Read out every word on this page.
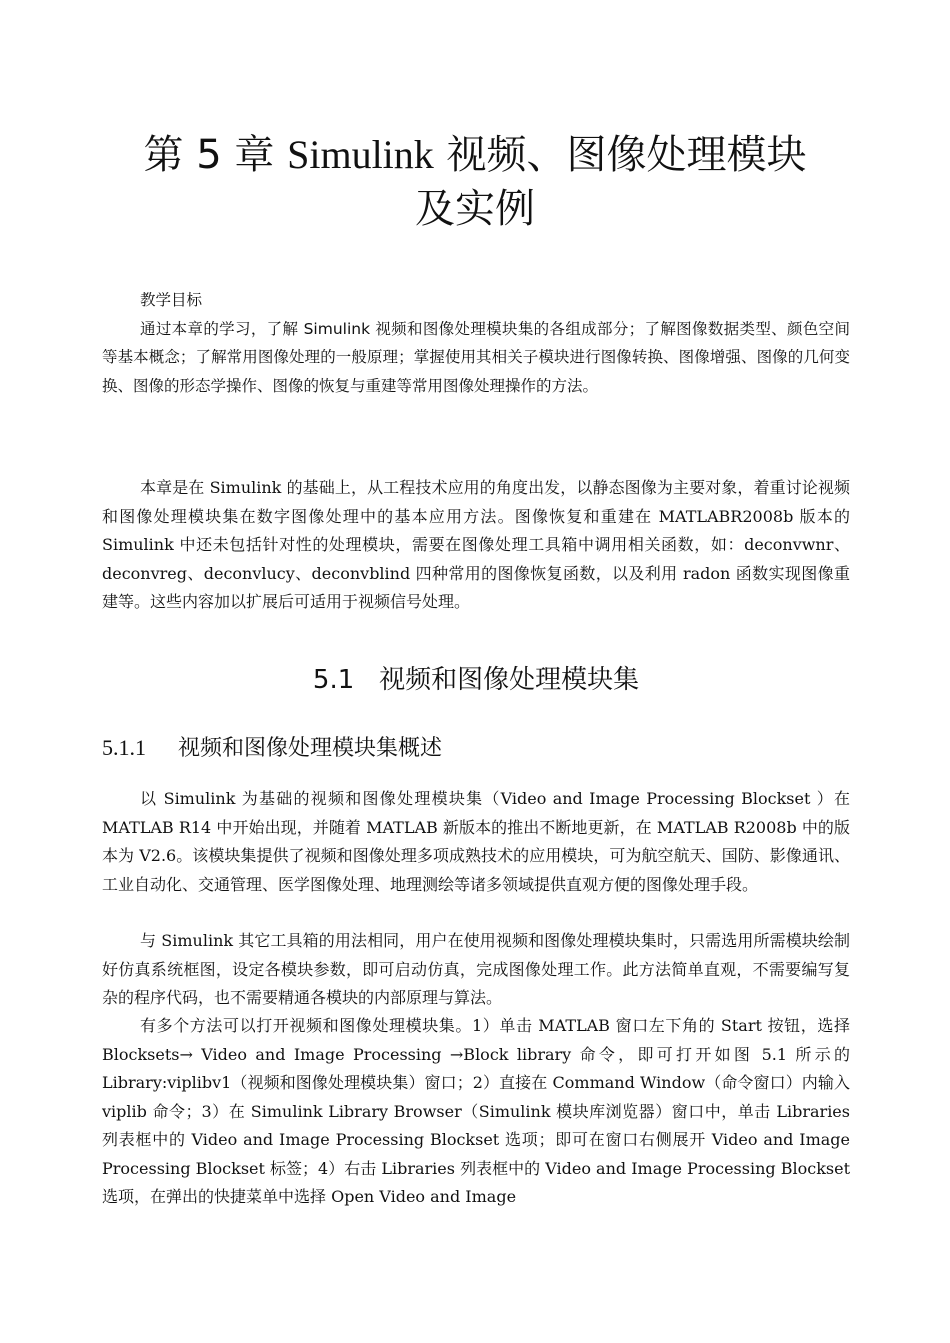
第 5 章 Simulink 视频、图像处理模块
及实例

教学目标

通过本章的学习，了解 Simulink 视频和图像处理模块集的各组成部分；了解图像数据类型、颜色空间等基本概念；了解常用图像处理的一般原理；掌握使用其相关子模块进行图像转换、图像增强、图像的几何变换、图像的形态学操作、图像的恢复与重建等常用图像处理操作的方法。

本章是在 Simulink 的基础上，从工程技术应用的角度出发，以静态图像为主要对象，着重讨论视频和图像处理模块集在数字图像处理中的基本应用方法。图像恢复和重建在 MATLABR2008b 版本的 Simulink 中还未包括针对性的处理模块，需要在图像处理工具箱中调用相关函数，如：deconvwnr、deconvreg、deconvlucy、deconvblind 四种常用的图像恢复函数，以及利用 radon 函数实现图像重建等。这些内容加以扩展后可适用于视频信号处理。

5.1 视频和图像处理模块集
5.1.1 视频和图像处理模块集概述

以 Simulink 为基础的视频和图像处理模块集（Video and Image Processing Blockset ）在 MATLAB R14 中开始出现，并随着 MATLAB 新版本的推出不断地更新，在 MATLAB R2008b 中的版本为 V2.6。该模块集提供了视频和图像处理多项成熟技术的应用模块，可为航空航天、国防、影像通讯、工业自动化、交通管理、医学图像处理、地理测绘等诸多领域提供直观方便的图像处理手段。

与 Simulink 其它工具箱的用法相同，用户在使用视频和图像处理模块集时，只需选用所需模块绘制好仿真系统框图，设定各模块参数，即可启动仿真，完成图像处理工作。此方法简单直观，不需要编写复杂的程序代码，也不需要精通各模块的内部原理与算法。

有多个方法可以打开视频和图像处理模块集。1）单击 MATLAB 窗口左下角的 Start 按钮，选择 Blocksets→ Video and Image Processing →Block library 命令，即可打开如图 5.1 所示的 Library:viplibv1（视频和图像处理模块集）窗口；2）直接在 Command Window（命令窗口）内输入 viplib 命令；3）在 Simulink Library Browser（Simulink 模块库浏览器）窗口中，单击 Libraries 列表框中的 Video and Image Processing Blockset 选项；即可在窗口右侧展开 Video and Image Processing Blockset 标签；4）右击 Libraries 列表框中的 Video and Image Processing Blockset 选项，在弹出的快捷菜单中选择 Open Video and Image
